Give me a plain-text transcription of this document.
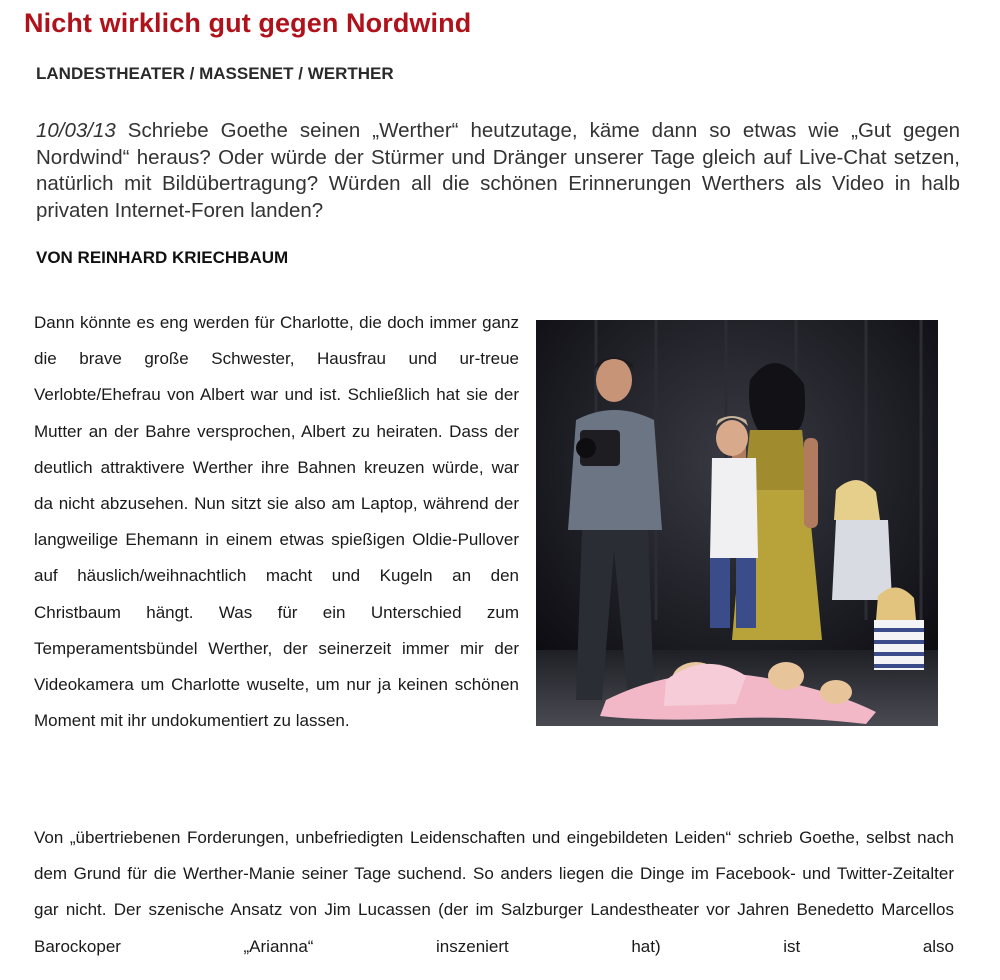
Nicht wirklich gut gegen Nordwind
LANDESTHEATER / MASSENET / WERTHER

10/03/13 Schriebe Goethe seinen „Werther“ heutzutage, käme dann so etwas wie „Gut gegen Nordwind“ heraus? Oder würde der Stürmer und Dränger unserer Tage gleich auf Live-Chat setzen, natürlich mit Bildübertragung? Würden all die schönen Erinnerungen Werthers als Video in halb privaten Internet-Foren landen?

VON REINHARD KRIECHBAUM

Dann könnte es eng werden für Charlotte, die doch immer ganz die brave große Schwester, Hausfrau und ur-treue Verlobte/Ehefrau von Albert war und ist. Schließlich hat sie der Mutter an der Bahre versprochen, Albert zu heiraten. Dass der deutlich attraktivere Werther ihre Bahnen kreuzen würde, war da nicht abzusehen. Nun sitzt sie also am Laptop, während der langweilige Ehemann in einem etwas spießigen Oldie-Pullover auf häuslich/weihnachtlich macht und Kugeln an den Christbaum hängt. Was für ein Unterschied zum Temperamentsbündel Werther, der seinerzeit immer mir der Videokamera um Charlotte wuselte, um nur ja keinen schönen Moment mit ihr undokumentiert zu lassen.

Von „übertriebenen Forderungen, unbefriedigten Leidenschaften und eingebildeten Leiden“ schrieb Goethe, selbst nach dem Grund für die Werther-Manie seiner Tage suchend. So anders liegen die Dinge im Facebook- und Twitter-Zeitalter gar nicht. Der szenische Ansatz von Jim Lucassen (der im Salzburger Landestheater vor Jahren Benedetto Marcellos Barockoper „Arianna“ inszeniert hat) ist also
